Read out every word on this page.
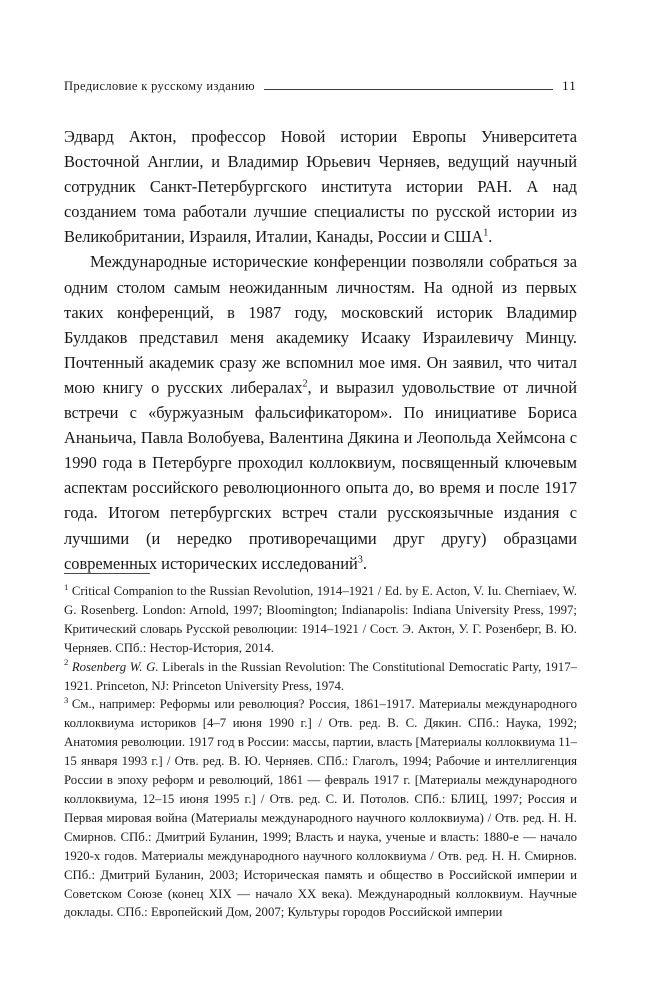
Предисловие к русскому изданию	11

Эдвард Актон, профессор Новой истории Европы Университета Восточной Англии, и Владимир Юрьевич Черняев, ведущий научный сотрудник Санкт-Петербургского института истории РАН. А над созданием тома работали лучшие специалисты по русской истории из Великобритании, Израиля, Италии, Канады, России и США$^1$.

Международные исторические конференции позволяли собраться за одним столом самым неожиданным личностям. На одной из первых таких конференций, в 1987 году, московский историк Владимир Булдаков представил меня академику Исааку Израилевичу Минцу. Почтенный академик сразу же вспомнил мое имя. Он заявил, что читал мою книгу о русских либералах$^2$, и выразил удовольствие от личной встречи с «буржуазным фальсификатором». По инициативе Бориса Ананьича, Павла Волобуева, Валентина Дякина и Леопольда Хеймсона с 1990 года в Петербурге проходил коллоквиум, посвященный ключевым аспектам российского революционного опыта до, во время и после 1917 года. Итогом петербургских встреч стали русскоязычные издания с лучшими (и нередко противоречащими друг другу) образцами современных исторических исследований$^3$.

$^1$ Critical Companion to the Russian Revolution, 1914–1921 / Ed. by E. Acton, V. Iu. Cherniaev, W. G. Rosenberg. London: Arnold, 1997; Bloomington; Indianapolis: Indiana University Press, 1997; Критический словарь Русской революции: 1914–1921 / Сост. Э. Актон, У. Г. Розенберг, В. Ю. Черняев. СПб.: Нестор-История, 2014.

$^2$ Rosenberg W. G. Liberals in the Russian Revolution: The Constitutional Democratic Party, 1917–1921. Princeton, NJ: Princeton University Press, 1974.

$^3$ См., например: Реформы или революция? Россия, 1861–1917. Материалы международного коллоквиума историков [4–7 июня 1990 г.] / Отв. ред. В. С. Дякин. СПб.: Наука, 1992; Анатомия революции. 1917 год в России: массы, партии, власть [Материалы коллоквиума 11–15 января 1993 г.] / Отв. ред. В. Ю. Черняев. СПб.: Глаголъ, 1994; Рабочие и интеллигенция России в эпоху реформ и революций, 1861 — февраль 1917 г. [Материалы международного коллоквиума, 12–15 июня 1995 г.] / Отв. ред. С. И. Потолов. СПб.: БЛИЦ, 1997; Россия и Первая мировая война (Материалы международного научного коллоквиума) / Отв. ред. Н. Н. Смирнов. СПб.: Дмитрий Буланин, 1999; Власть и наука, ученые и власть: 1880-е — начало 1920-х годов. Материалы международного научного коллоквиума / Отв. ред. Н. Н. Смирнов. СПб.: Дмитрий Буланин, 2003; Историческая память и общество в Российской империи и Советском Союзе (конец XIX — начало XX века). Международный коллоквиум. Научные доклады. СПб.: Европейский Дом, 2007; Культуры городов Российской империи
